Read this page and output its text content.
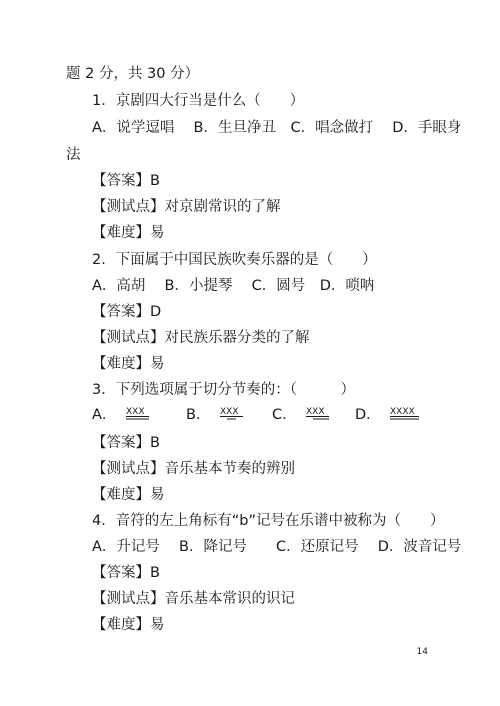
题 2 分，共 30 分）
1．京剧四大行当是什么（　　）
A．说学逗唱　 B．生旦净丑　C．唱念做打　 D．手眼身
法
【答案】B
【测试点】对京剧常识的了解
【难度】易
2．下面属于中国民族吹奏乐器的是（　　）
A．高胡　 B．小提琴　 C．圆号　D．唢呐
【答案】D
【测试点】对民族乐器分类的了解
【难度】易
3．下列选项属于切分节奏的：（　　　）
A． XXX	B． XXX C． XXX D． XXXX
【答案】B
【测试点】音乐基本节奏的辨别
【难度】易
4．音符的左上角标有“b”记号在乐谱中被称为（　　）
A．升记号　 B．降记号　　C．还原记号　 D．波音记号
【答案】B
【测试点】音乐基本常识的识记
【难度】易
14
